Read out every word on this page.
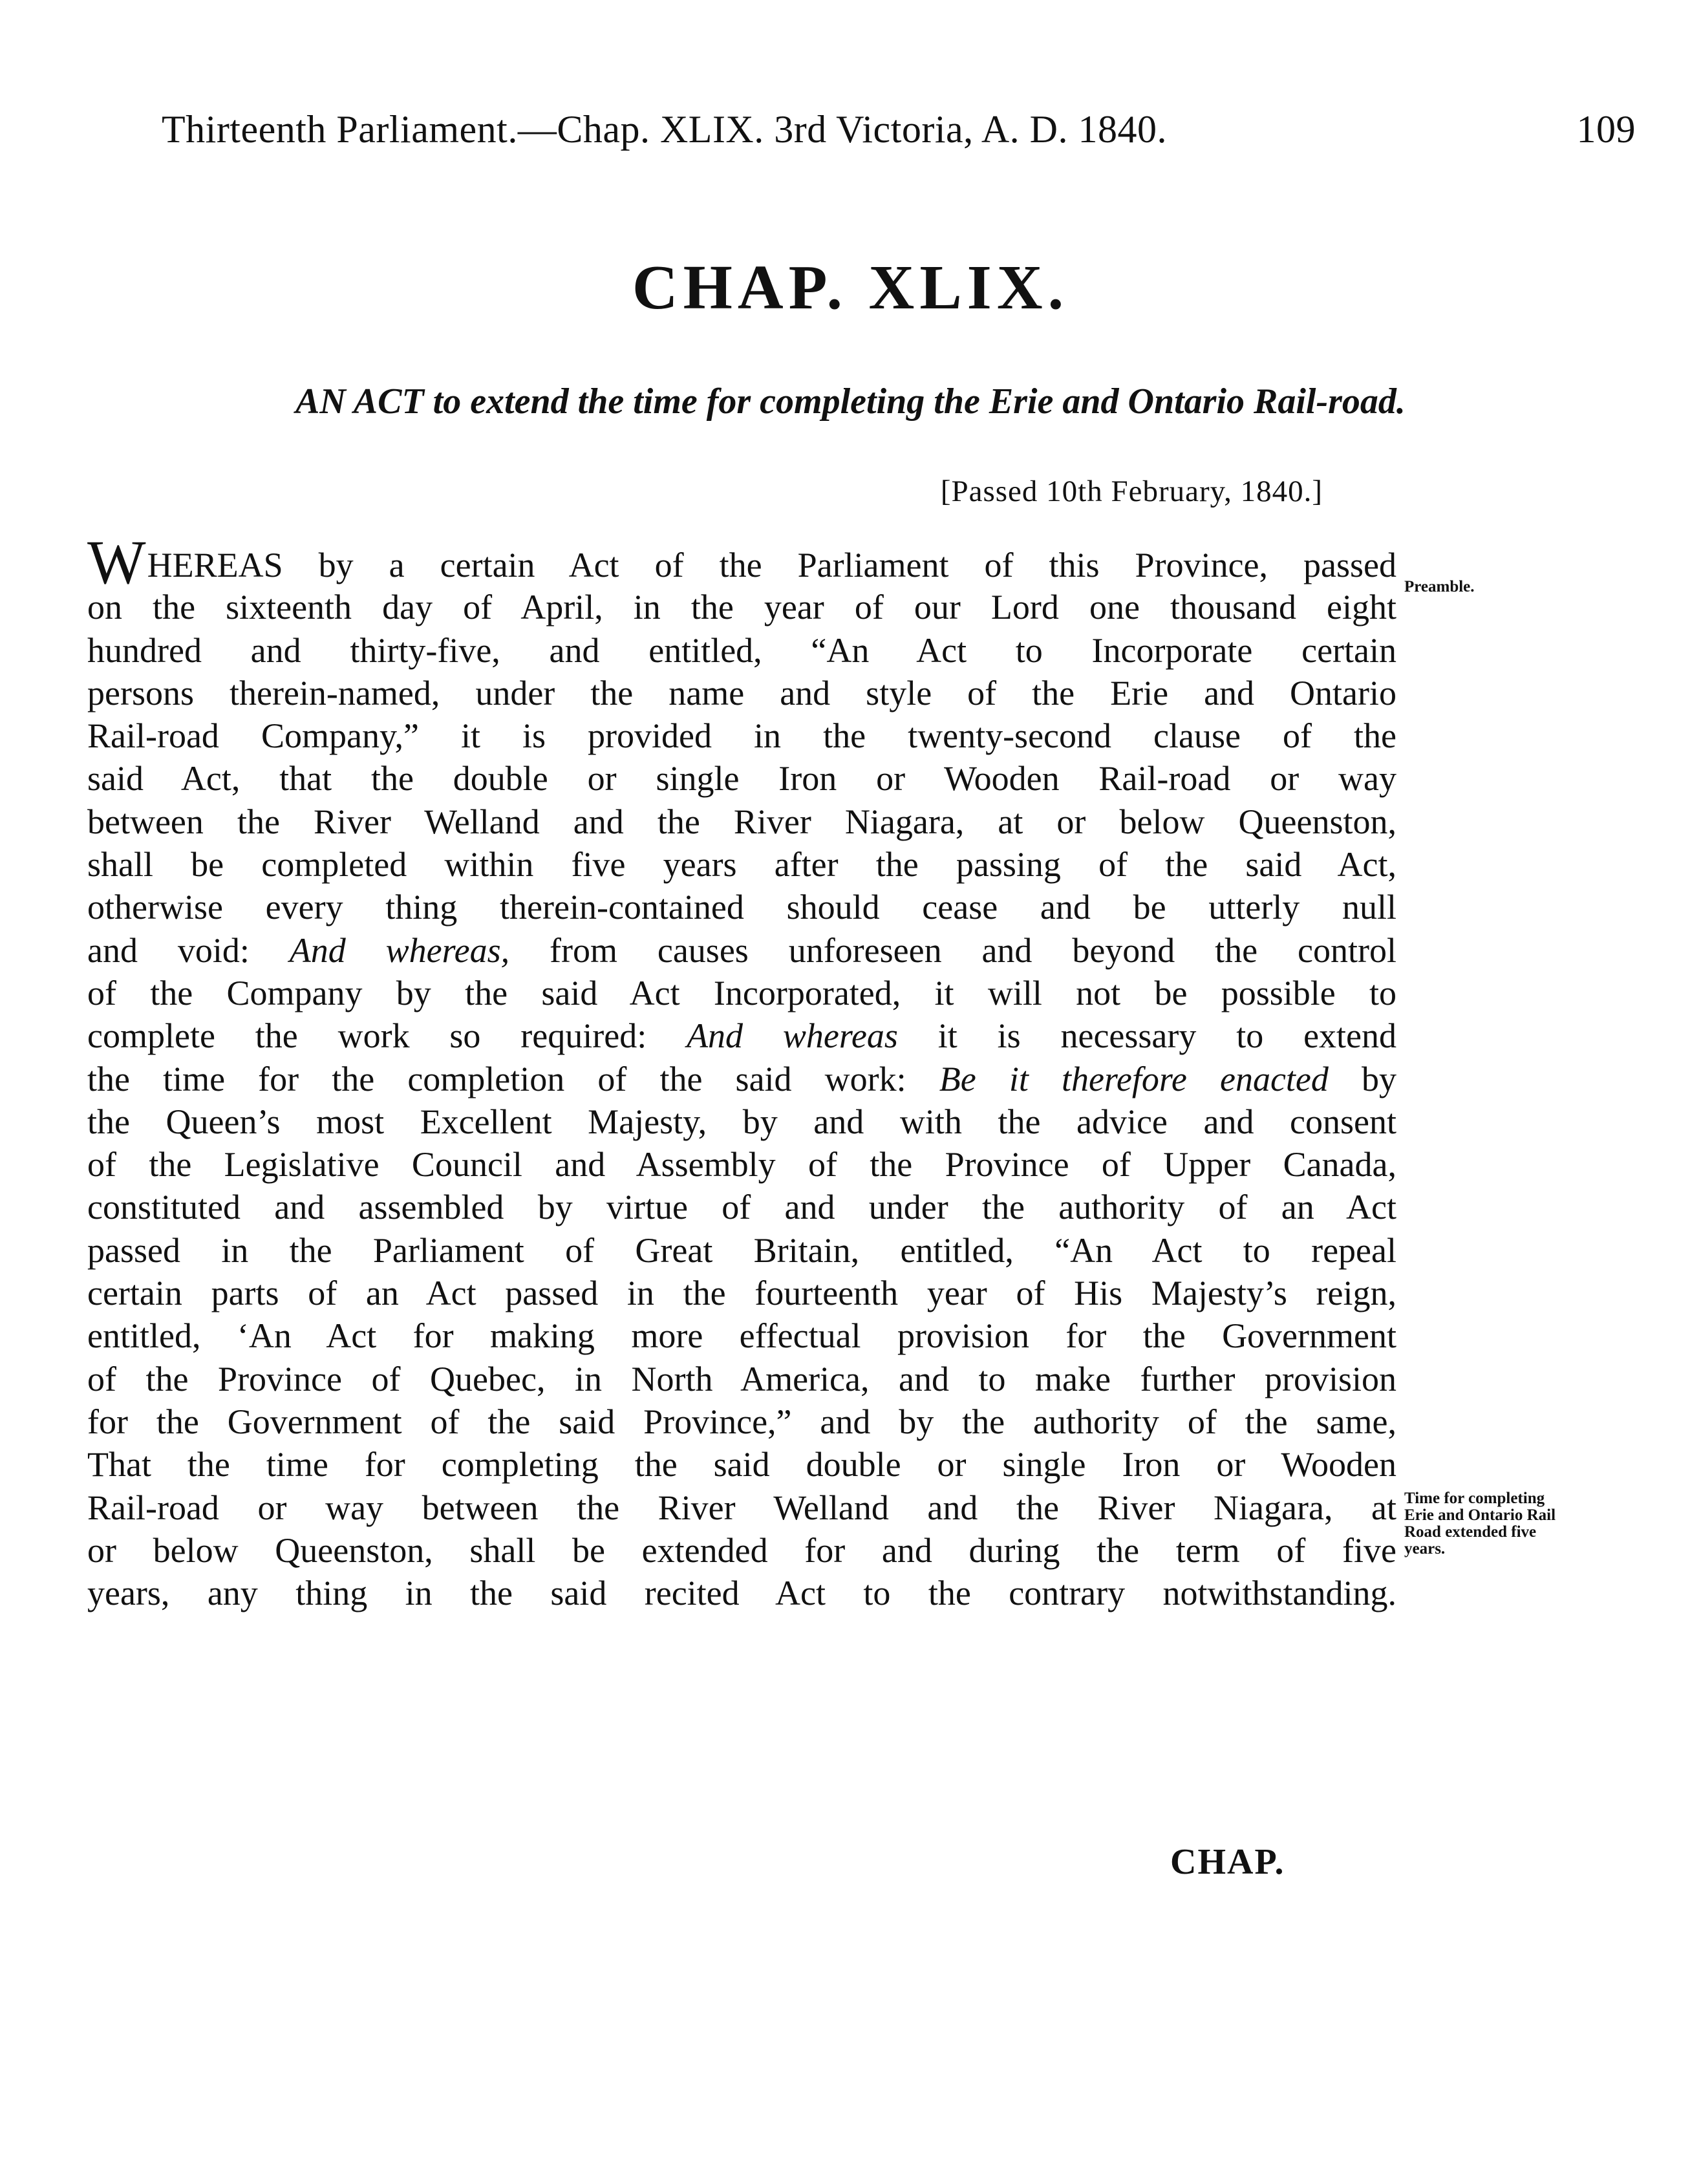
Thirteenth Parliament.—Chap. XLIX. 3rd Victoria, A. D. 1840.	109
CHAP. XLIX.
AN ACT to extend the time for completing the Erie and Ontario Rail-road.
[Passed 10th February, 1840.]
Preamble.
Time for completing
Erie and Ontario Rail
Road extended five
years.
WHEREAS by a certain Act of the Parliament of this Province, passed
on the sixteenth day of April, in the year of our Lord one thousand eight
hundred and thirty-five, and entitled, “An Act to Incorporate certain
persons therein-named, under the name and style of the Erie and Ontario
Rail-road Company,” it is provided in the twenty-second clause of the
said Act, that the double or single Iron or Wooden Rail-road or way
between the River Welland and the River Niagara, at or below Queenston,
shall be completed within five years after the passing of the said Act,
otherwise every thing therein-contained should cease and be utterly null
and void: And whereas, from causes unforeseen and beyond the control
of the Company by the said Act Incorporated, it will not be possible to
complete the work so required: And whereas it is necessary to extend
the time for the completion of the said work: Be it therefore enacted by
the Queen’s most Excellent Majesty, by and with the advice and consent
of the Legislative Council and Assembly of the Province of Upper Canada,
constituted and assembled by virtue of and under the authority of an Act
passed in the Parliament of Great Britain, entitled, “An Act to repeal
certain parts of an Act passed in the fourteenth year of His Majesty’s reign,
entitled, ‘An Act for making more effectual provision for the Government
of the Province of Quebec, in North America, and to make further provision
for the Government of the said Province,” and by the authority of the same,
That the time for completing the said double or single Iron or Wooden
Rail-road or way between the River Welland and the River Niagara, at
or below Queenston, shall be extended for and during the term of five
years, any thing in the said recited Act to the contrary notwithstanding.
CHAP.
